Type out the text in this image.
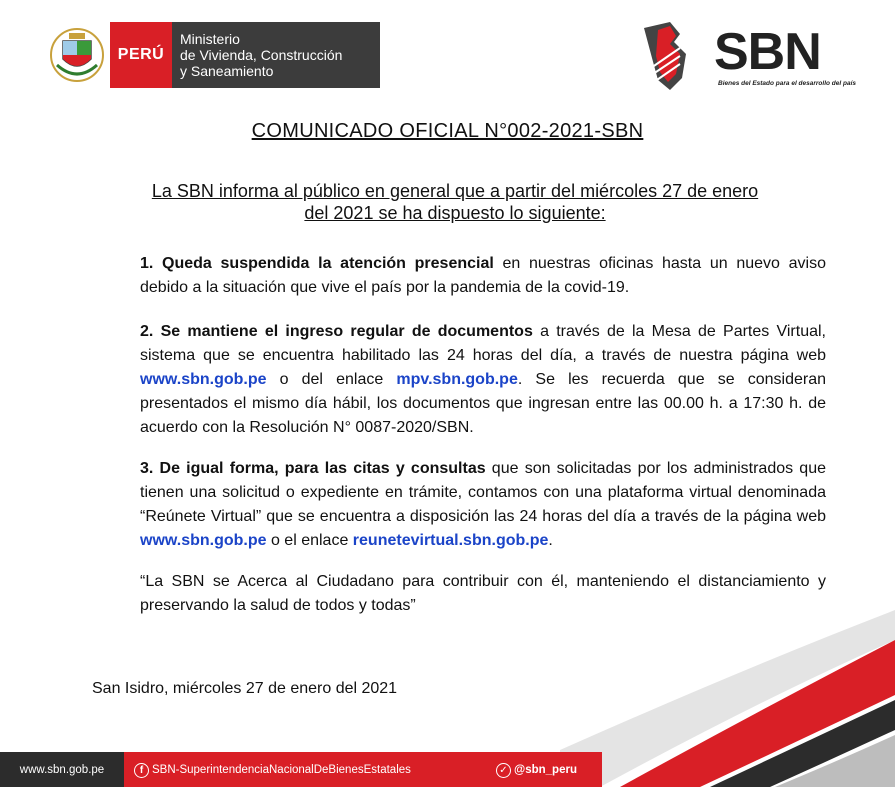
PERÚ
Ministerio
de Vivienda, Construcción
y Saneamiento	SBN
Bienes del Estado para el desarrollo del país
COMUNICADO OFICIAL N°002-2021-SBN
La SBN informa al público en general que a partir del miércoles 27 de enero
del 2021 se ha dispuesto lo siguiente:
1. Queda suspendida la atención presencial en nuestras oficinas hasta un nuevo aviso debido a la situación que vive el país por la pandemia de la covid-19.
2. Se mantiene el ingreso regular de documentos a través de la Mesa de Partes Virtual, sistema que se encuentra habilitado las 24 horas del día, a través de nuestra página web www.sbn.gob.pe o del enlace mpv.sbn.gob.pe. Se les recuerda que se consideran presentados el mismo día hábil, los documentos que ingresan entre las 00.00 h. a 17:30 h. de acuerdo con la Resolución N° 0087-2020/SBN.
3. De igual forma, para las citas y consultas que son solicitadas por los administrados que tienen una solicitud o expediente en trámite, contamos con una plataforma virtual denominada “Reúnete Virtual” que se encuentra a disposición las 24 horas del día a través de la página web www.sbn.gob.pe o el enlace reunetevirtual.sbn.gob.pe.
“La SBN se Acerca al Ciudadano para contribuir con él, manteniendo el distanciamiento y preservando la salud de todos y todas”
San Isidro, miércoles 27 de enero del 2021
www.sbn.gob.pe	f SBN-SuperintendenciaNacionalDeBienesEstatales	✓ @sbn_peru
